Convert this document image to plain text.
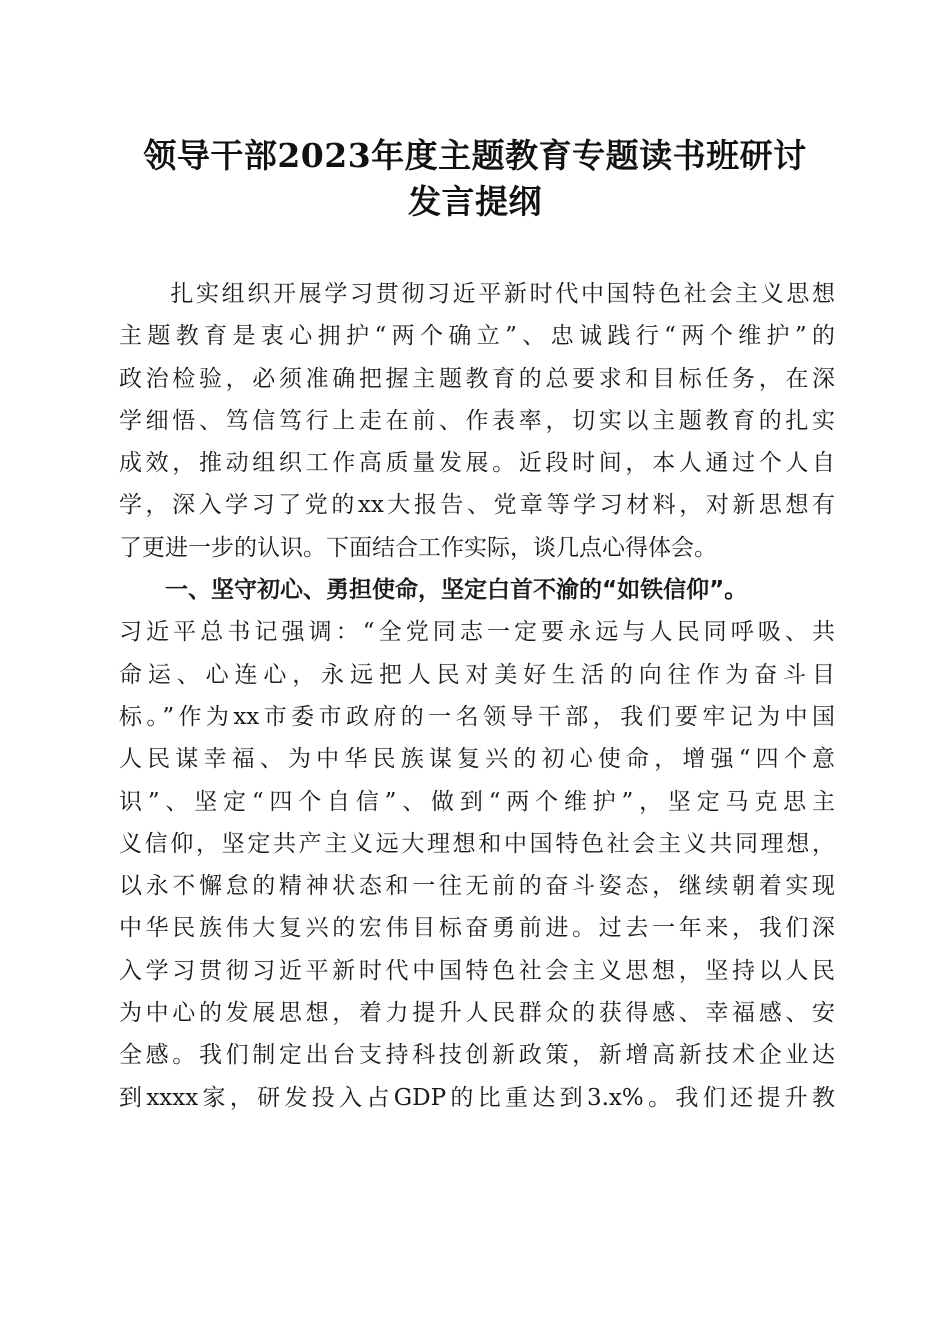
领导干部2023年度主题教育专题读书班研讨
发言提纲
　　扎实组织开展学习贯彻习近平新时代中国特色社会主义思想
主题教育是衷心拥护“两个确立”、忠诚践行“两个维护”的
政治检验，必须准确把握主题教育的总要求和目标任务，在深
学细悟、笃信笃行上走在前、作表率，切实以主题教育的扎实
成效，推动组织工作高质量发展。近段时间，本人通过个人自
学，深入学习了党的xx大报告、党章等学习材料，对新思想有
了更进一步的认识。下面结合工作实际，谈几点心得体会。
　　一、坚守初心、勇担使命，坚定白首不渝的“如铁信仰”。
习近平总书记强调：“全党同志一定要永远与人民同呼吸、共
命运、心连心，永远把人民对美好生活的向往作为奋斗目
标。”作为xx市委市政府的一名领导干部，我们要牢记为中国
人民谋幸福、为中华民族谋复兴的初心使命，增强“四个意
识”、坚定“四个自信”、做到“两个维护”，坚定马克思主
义信仰，坚定共产主义远大理想和中国特色社会主义共同理想，
以永不懈怠的精神状态和一往无前的奋斗姿态，继续朝着实现
中华民族伟大复兴的宏伟目标奋勇前进。过去一年来，我们深
入学习贯彻习近平新时代中国特色社会主义思想，坚持以人民
为中心的发展思想，着力提升人民群众的获得感、幸福感、安
全感。我们制定出台支持科技创新政策，新增高新技术企业达
到xxxx家，研发投入占GDP的比重达到3.x%。我们还提升教
